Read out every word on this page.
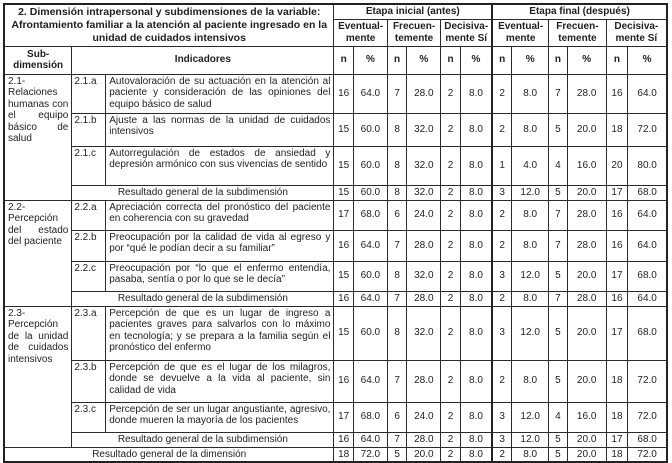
2. Dimensión intrapersonal y subdimensiones de la variable: Afrontamiento familiar a la atención al paciente ingresado en la unidad de cuidados intensivos			Etapa inicial (antes)						Etapa final (después)					
			Eventual-mente		Frecuen-temente		Decisiva-mente Sí		Eventual-mente		Frecuen-temente		Decisiva-mente Sí	
Sub-dimensión	Indicadores		n	%	n	%	n	%	n	%	n	%	n	%
2.1- Relaciones humanas con el equipo básico de salud	2.1.a	Autovaloración de su actuación en la atención al paciente y consideración de las opiniones del equipo básico de salud	16	64.0	7	28.0	2	8.0	2	8.0	7	28.0	16	64.0
	2.1.b	Ajuste a las normas de la unidad de cuidados intensivos	15	60.0	8	32.0	2	8.0	2	8.0	5	20.0	18	72.0
	2.1.c	Autorregulación de estados de ansiedad y depresión armónico con sus vivencias de sentido	15	60.0	8	32.0	2	8.0	1	4.0	4	16.0	20	80.0
	Resultado general de la subdimensión		15	60.0	8	32.0	2	8.0	3	12.0	5	20.0	17	68.0
2.2- Percepción del estado del paciente	2.2.a	Apreciación correcta del pronóstico del paciente en coherencia con su gravedad	17	68.0	6	24.0	2	8.0	2	8.0	7	28.0	16	64.0
	2.2.b	Preocupación por la calidad de vida al egreso y por “qué le podían decir a su familiar”	16	64.0	7	28.0	2	8.0	2	8.0	7	28.0	16	64.0
	2.2.c	Preocupación por “lo que el enfermo entendía, pasaba, sentía o por lo que se le decía”	15	60.0	8	32.0	2	8.0	3	12.0	5	20.0	17	68.0
	Resultado general de la subdimensión		16	64.0	7	28.0	2	8.0	2	8.0	7	28.0	16	64.0
2.3- Percepción de la unidad de cuidados intensivos	2.3.a	Percepción de que es un lugar de ingreso a pacientes graves para salvarlos con lo máximo en tecnología; y se prepara a la familia según el pronóstico del enfermo	15	60.0	8	32.0	2	8.0	3	12.0	5	20.0	17	68.0
	2.3.b	Percepción de que es el lugar de los milagros, donde se devuelve a la vida al paciente, sin calidad de vida	16	64.0	7	28.0	2	8.0	2	8.0	5	20.0	18	72.0
	2.3.c	Percepción de ser un lugar angustiante, agresivo, donde mueren la mayoría de los pacientes	17	68.0	6	24.0	2	8.0	3	12.0	4	16.0	18	72.0
	Resultado general de la subdimensión		16	64.0	7	28.0	2	8.0	3	12.0	5	20.0	17	68.0
Resultado general de la dimensión			18	72.0	5	20.0	2	8.0	2	8.0	5	20.0	18	72.0
